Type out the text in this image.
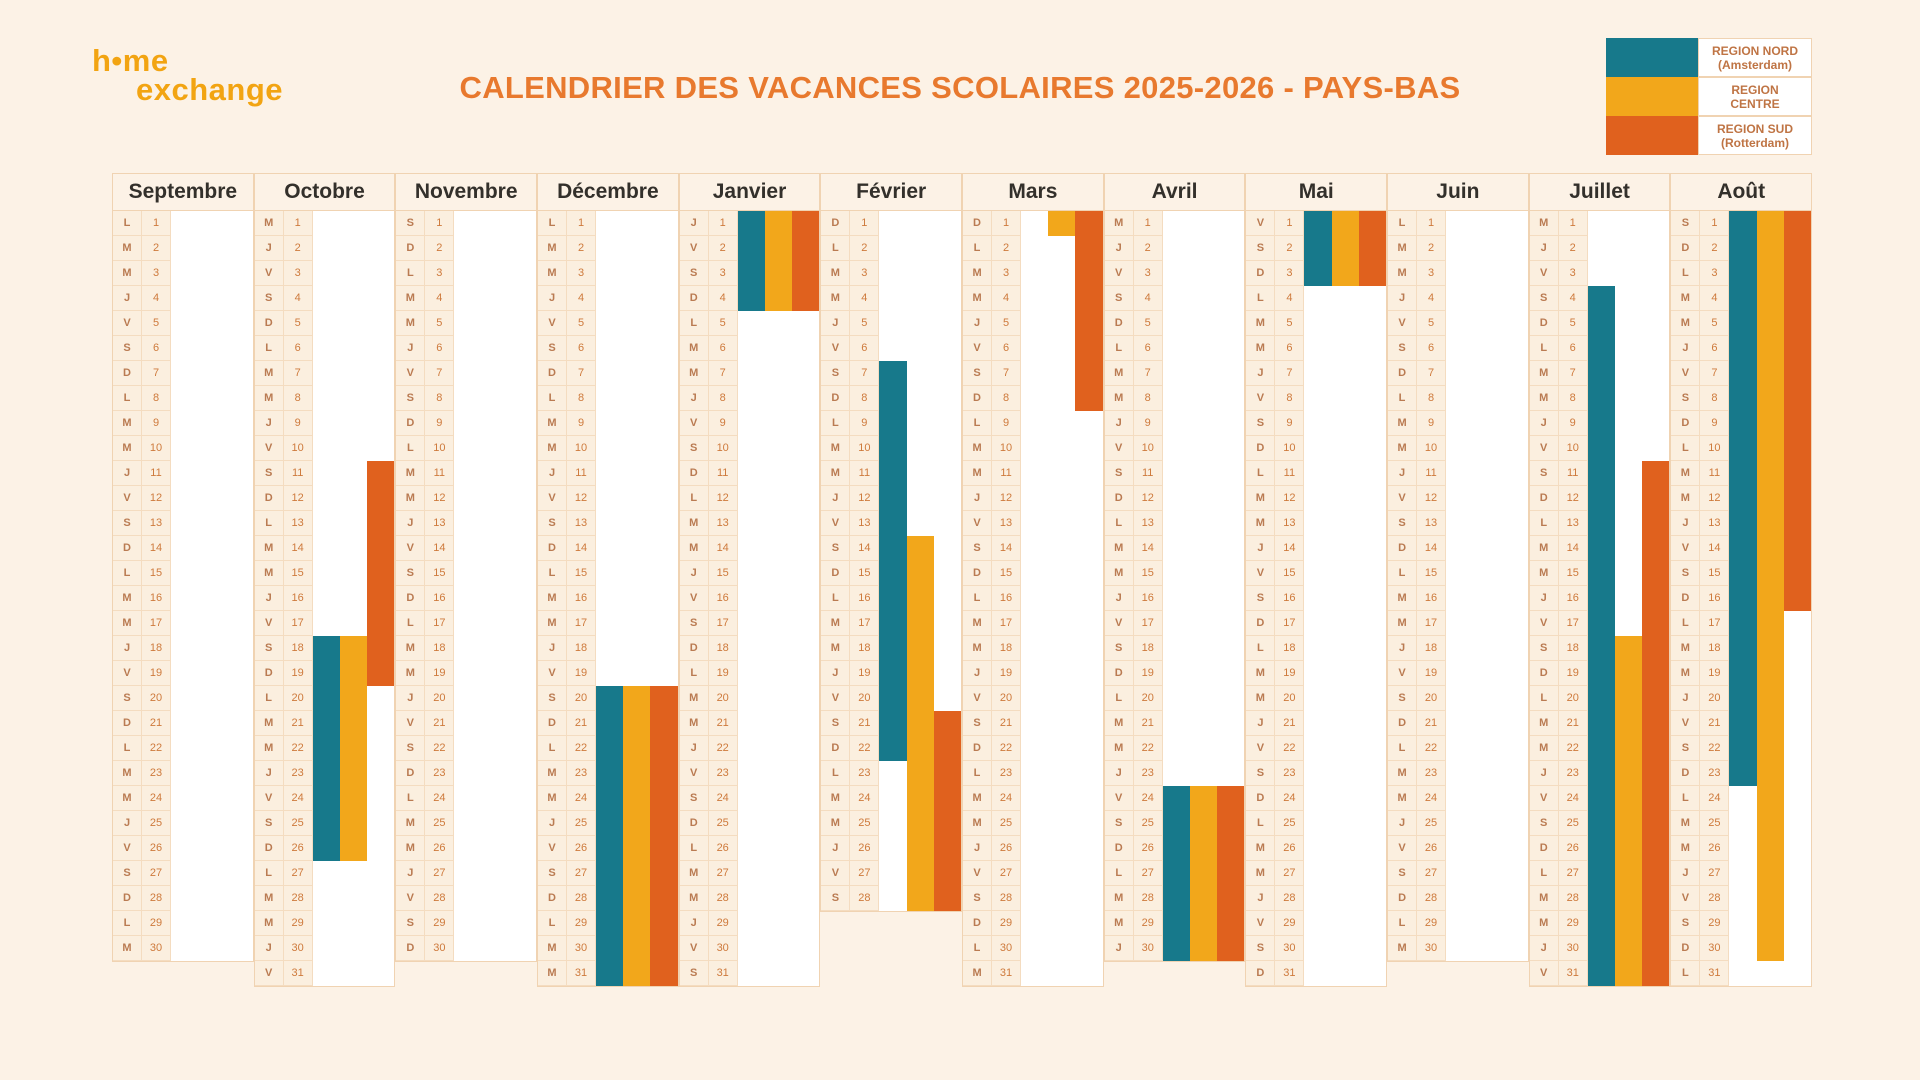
h•me
exchange	CALENDRIER DES VACANCES SCOLAIRES 2025-2026 - PAYS-BAS
REGION NORD
(Amsterdam)
REGION
CENTRE
REGION SUD
(Rotterdam)
Septembre
L
M
M
J
V
S
D
L
M
M
J
V
S
D
L
M
M
J
V
S
D
L
M
M
J
V
S
D
L
M
1
2
3
4
5
6
7
8
9
10
11
12
13
14
15
16
17
18
19
20
21
22
23
24
25
26
27
28
29
30
Octobre
M
J
V
S
D
L
M
M
J
V
S
D
L
M
M
J
V
S
D
L
M
M
J
V
S
D
L
M
M
J
V
1
2
3
4
5
6
7
8
9
10
11
12
13
14
15
16
17
18
19
20
21
22
23
24
25
26
27
28
29
30
31
Novembre
S
D
L
M
M
J
V
S
D
L
M
M
J
V
S
D
L
M
M
J
V
S
D
L
M
M
J
V
S
D
1
2
3
4
5
6
7
8
9
10
11
12
13
14
15
16
17
18
19
20
21
22
23
24
25
26
27
28
29
30
Décembre
L
M
M
J
V
S
D
L
M
M
J
V
S
D
L
M
M
J
V
S
D
L
M
M
J
V
S
D
L
M
M
1
2
3
4
5
6
7
8
9
10
11
12
13
14
15
16
17
18
19
20
21
22
23
24
25
26
27
28
29
30
31
Janvier
J
V
S
D
L
M
M
J
V
S
D
L
M
M
J
V
S
D
L
M
M
J
V
S
D
L
M
M
J
V
S
1
2
3
4
5
6
7
8
9
10
11
12
13
14
15
16
17
18
19
20
21
22
23
24
25
26
27
28
29
30
31
Février
D
L
M
M
J
V
S
D
L
M
M
J
V
S
D
L
M
M
J
V
S
D
L
M
M
J
V
S
1
2
3
4
5
6
7
8
9
10
11
12
13
14
15
16
17
18
19
20
21
22
23
24
25
26
27
28
Mars
D
L
M
M
J
V
S
D
L
M
M
J
V
S
D
L
M
M
J
V
S
D
L
M
M
J
V
S
D
L
M
1
2
3
4
5
6
7
8
9
10
11
12
13
14
15
16
17
18
19
20
21
22
23
24
25
26
27
28
29
30
31
Avril
M
J
V
S
D
L
M
M
J
V
S
D
L
M
M
J
V
S
D
L
M
M
J
V
S
D
L
M
M
J
1
2
3
4
5
6
7
8
9
10
11
12
13
14
15
16
17
18
19
20
21
22
23
24
25
26
27
28
29
30
Mai
V
S
D
L
M
M
J
V
S
D
L
M
M
J
V
S
D
L
M
M
J
V
S
D
L
M
M
J
V
S
D
1
2
3
4
5
6
7
8
9
10
11
12
13
14
15
16
17
18
19
20
21
22
23
24
25
26
27
28
29
30
31
Juin
L
M
M
J
V
S
D
L
M
M
J
V
S
D
L
M
M
J
V
S
D
L
M
M
J
V
S
D
L
M
1
2
3
4
5
6
7
8
9
10
11
12
13
14
15
16
17
18
19
20
21
22
23
24
25
26
27
28
29
30
Juillet
M
J
V
S
D
L
M
M
J
V
S
D
L
M
M
J
V
S
D
L
M
M
J
V
S
D
L
M
M
J
V
1
2
3
4
5
6
7
8
9
10
11
12
13
14
15
16
17
18
19
20
21
22
23
24
25
26
27
28
29
30
31
Août
S
D
L
M
M
J
V
S
D
L
M
M
J
V
S
D
L
M
M
J
V
S
D
L
M
M
J
V
S
D
L
1
2
3
4
5
6
7
8
9
10
11
12
13
14
15
16
17
18
19
20
21
22
23
24
25
26
27
28
29
30
31
